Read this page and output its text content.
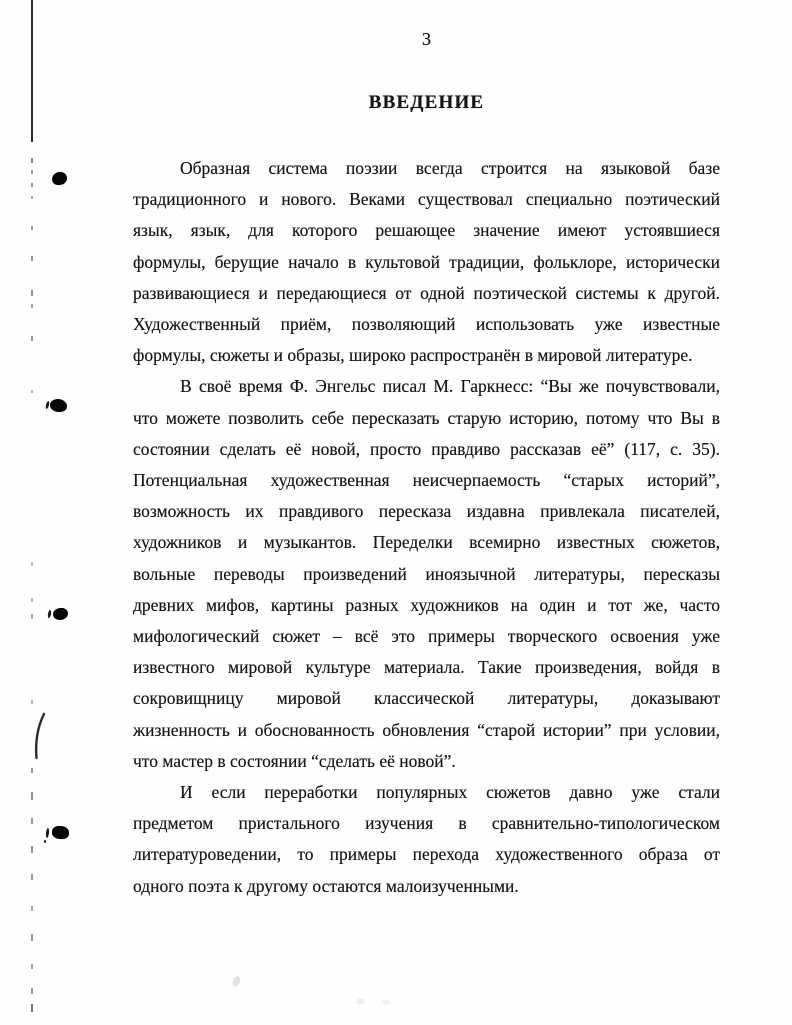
3
ВВЕДЕНИЕ
Образная система поэзии всегда строится на языковой базе
традиционного и нового. Веками существовал специально поэтический
язык, язык, для которого решающее значение имеют устоявшиеся
формулы, берущие начало в культовой традиции, фольклоре, исторически
развивающиеся и передающиеся от одной поэтической системы к другой.
Художественный приём, позволяющий использовать уже известные
формулы, сюжеты и образы, широко распространён в мировой литературе.
В своё время Ф. Энгельс писал М. Гаркнесс: “Вы же почувствовали,
что можете позволить себе пересказать старую историю, потому что Вы в
состоянии сделать её новой, просто правдиво рассказав её” (117, с. 35).
Потенциальная художественная неисчерпаемость “старых историй”,
возможность их правдивого пересказа издавна привлекала писателей,
художников и музыкантов. Переделки всемирно известных сюжетов,
вольные переводы произведений иноязычной литературы, пересказы
древних мифов, картины разных художников на один и тот же, часто
мифологический сюжет – всё это примеры творческого освоения уже
известного мировой культуре материала. Такие произведения, войдя в
сокровищницу мировой классической литературы, доказывают
жизненность и обоснованность обновления “старой истории” при условии,
что мастер в состоянии “сделать её новой”.
И если переработки популярных сюжетов давно уже стали
предметом пристального изучения в сравнительно-типологическом
литературоведении, то примеры перехода художественного образа от
одного поэта к другому остаются малоизученными.
